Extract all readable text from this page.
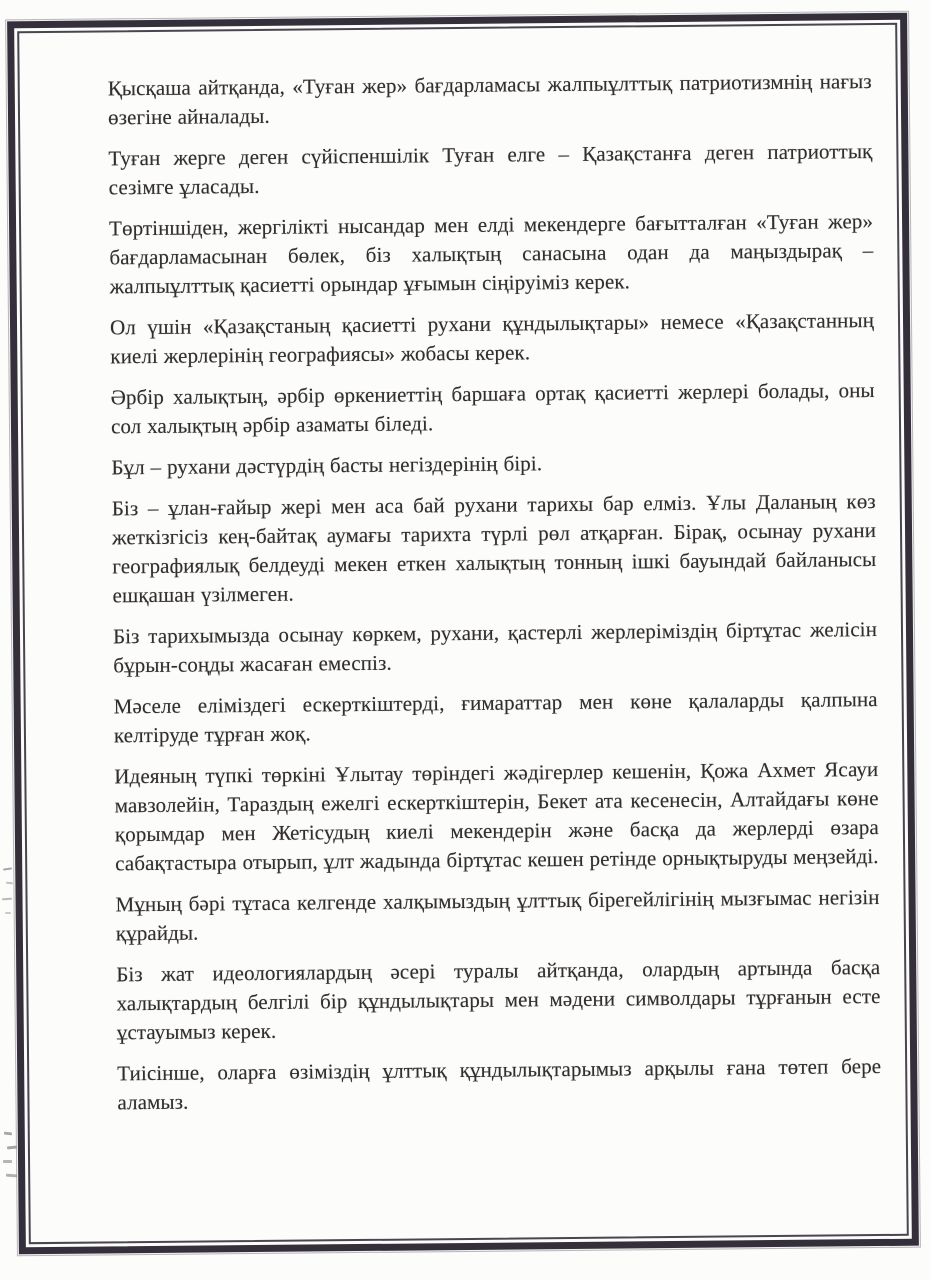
Қысқаша айтқанда, «Туған жер» бағдарламасы жалпыұлттық патриотизмнің нағыз өзегіне айналады.

Туған жерге деген сүйіспеншілік Туған елге – Қазақстанға деген патриоттық сезімге ұласады.

Төртіншіден, жергілікті нысандар мен елді мекендерге бағытталған «Туған жер» бағдарламасынан бөлек, біз халықтың санасына одан да маңыздырақ – жалпыұлттық қасиетті орындар ұғымын сіңіруіміз керек.

Ол үшін «Қазақстаның қасиетті рухани құндылықтары» немесе «Қазақстанның киелі жерлерінің географиясы» жобасы керек.

Әрбір халықтың, әрбір өркениеттің баршаға ортақ қасиетті жерлері болады, оны сол халықтың әрбір азаматы біледі.

Бұл – рухани дәстүрдің басты негіздерінің бірі.

Біз – ұлан-ғайыр жері мен аса бай рухани тарихы бар елміз. Ұлы Даланың көз жеткізгісіз кең-байтақ аумағы тарихта түрлі рөл атқарған. Бірақ, осынау рухани географиялық белдеуді мекен еткен халықтың тонның ішкі бауындай байланысы ешқашан үзілмеген.

Біз тарихымызда осынау көркем, рухани, қастерлі жерлеріміздің біртұтас желісін бұрын-соңды жасаған емеспіз.

Мәселе еліміздегі ескерткіштерді, ғимараттар мен көне қалаларды қалпына келтіруде тұрған жоқ.

Идеяның түпкі төркіні Ұлытау төріндегі жәдігерлер кешенін, Қожа Ахмет Ясауи мавзолейін, Тараздың ежелгі ескерткіштерін, Бекет ата кесенесін, Алтайдағы көне қорымдар мен Жетісудың киелі мекендерін және басқа да жерлерді өзара сабақтастыра отырып, ұлт жадында біртұтас кешен ретінде орнықтыруды меңзейді.

Мұның бәрі тұтаса келгенде халқымыздың ұлттық бірегейлігінің мызғымас негізін құрайды.

Біз жат идеологиялардың әсері туралы айтқанда, олардың артында басқа халықтардың белгілі бір құндылықтары мен мәдени символдары тұрғанын есте ұстауымыз керек.

Тиісінше, оларға өзіміздің ұлттық құндылықтарымыз арқылы ғана төтеп бере аламыз.
